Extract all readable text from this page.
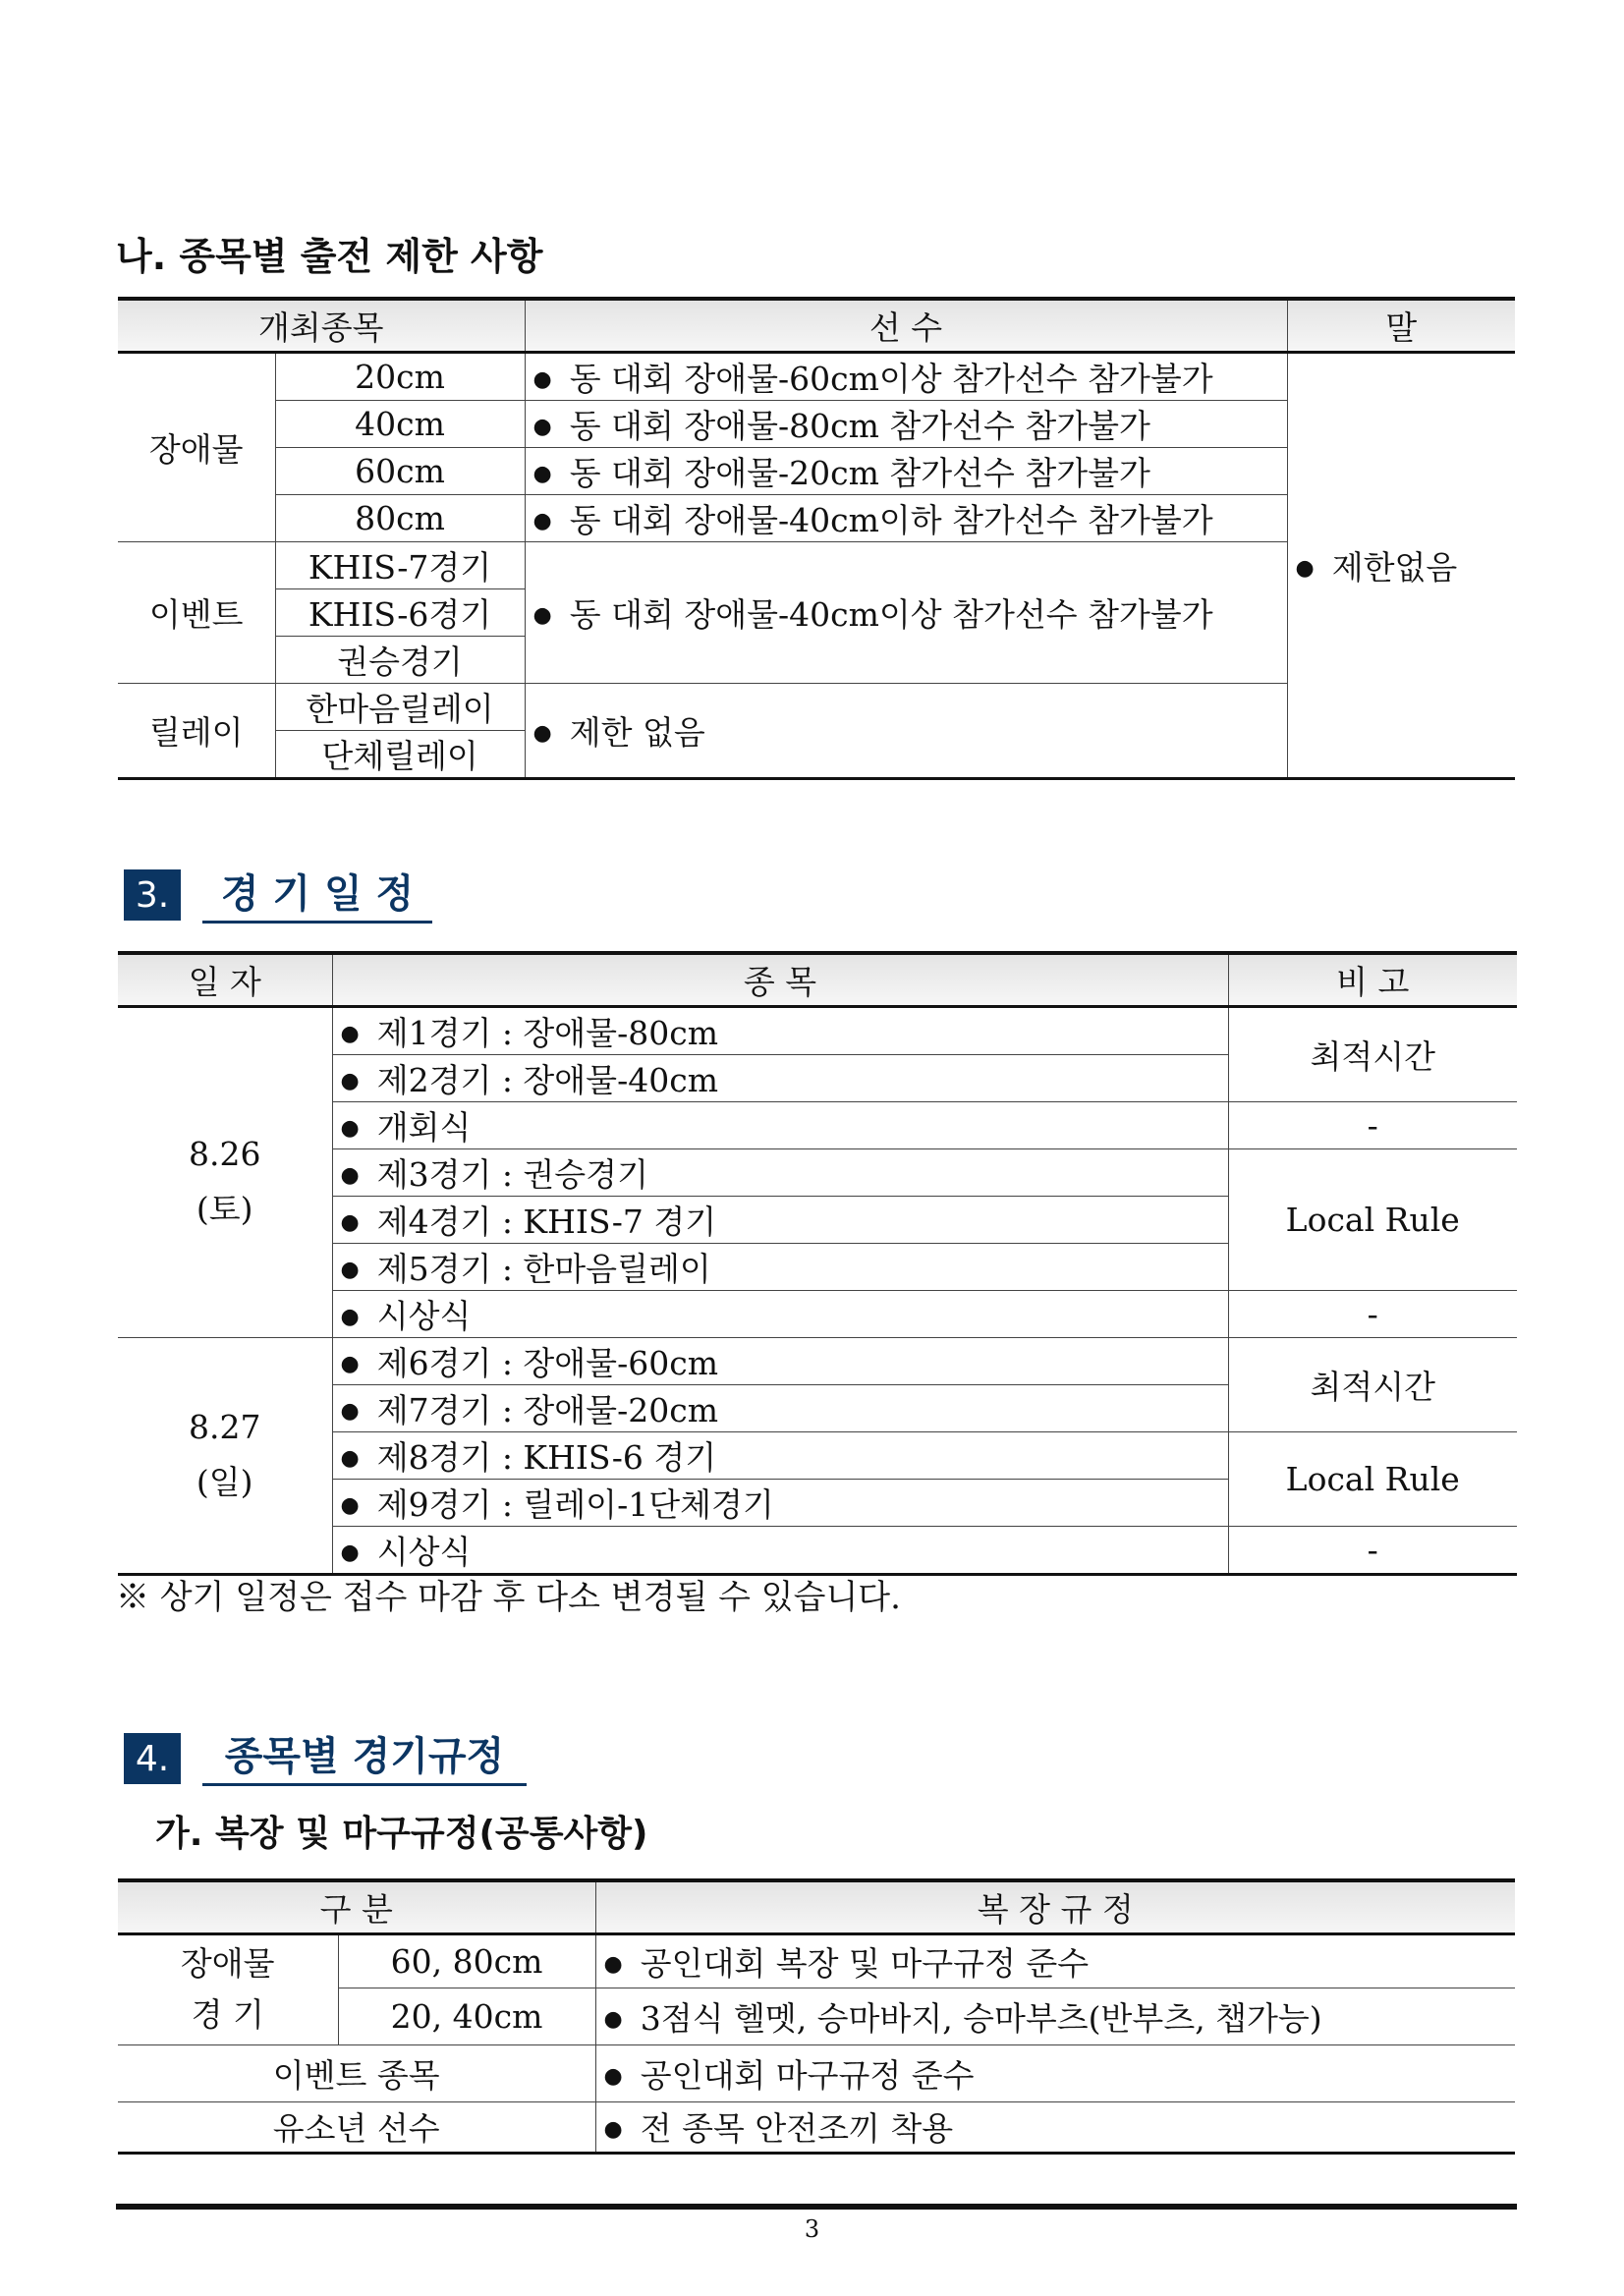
나. 종목별 출전 제한 사항
개최종목		선 수	말
장애물	20cm	● 동 대회 장애물-60cm이상 참가선수 참가불가	● 제한없음
	40cm	● 동 대회 장애물-80cm 참가선수 참가불가
	60cm	● 동 대회 장애물-20cm 참가선수 참가불가
	80cm	● 동 대회 장애물-40cm이하 참가선수 참가불가
이벤트	KHIS-7경기	● 동 대회 장애물-40cm이상 참가선수 참가불가
	KHIS-6경기		
	권승경기		
릴레이	한마음릴레이	● 제한 없음
	단체릴레이		
3.	경 기 일 정
일 자	종 목	비 고

8.26
(토)	● 제1경기 : 장애물-80cm	최적시간
	● 제2경기 : 장애물-40cm
	● 개회식	-
	● 제3경기 : 권승경기	Local Rule
	● 제4경기 : KHIS-7 경기
	● 제5경기 : 한마음릴레이
	● 시상식	-

8.27
(일)	● 제6경기 : 장애물-60cm	최적시간
	● 제7경기 : 장애물-20cm
	● 제8경기 : KHIS-6 경기	Local Rule
	● 제9경기 : 릴레이-1단체경기
	● 시상식	-
※ 상기 일정은 접수 마감 후 다소 변경될 수 있습니다.
4.	종목별 경기규정
가. 복장 및 마구규정(공통사항)
구 분		복 장 규 정

장애물
경 기	60, 80cm	● 공인대회 복장 및 마구규정 준수
	20, 40cm	● 3점식 헬멧, 승마바지, 승마부츠(반부츠, 챕가능)
이벤트 종목		● 공인대회 마구규정 준수
유소년 선수		● 전 종목 안전조끼 착용
3
